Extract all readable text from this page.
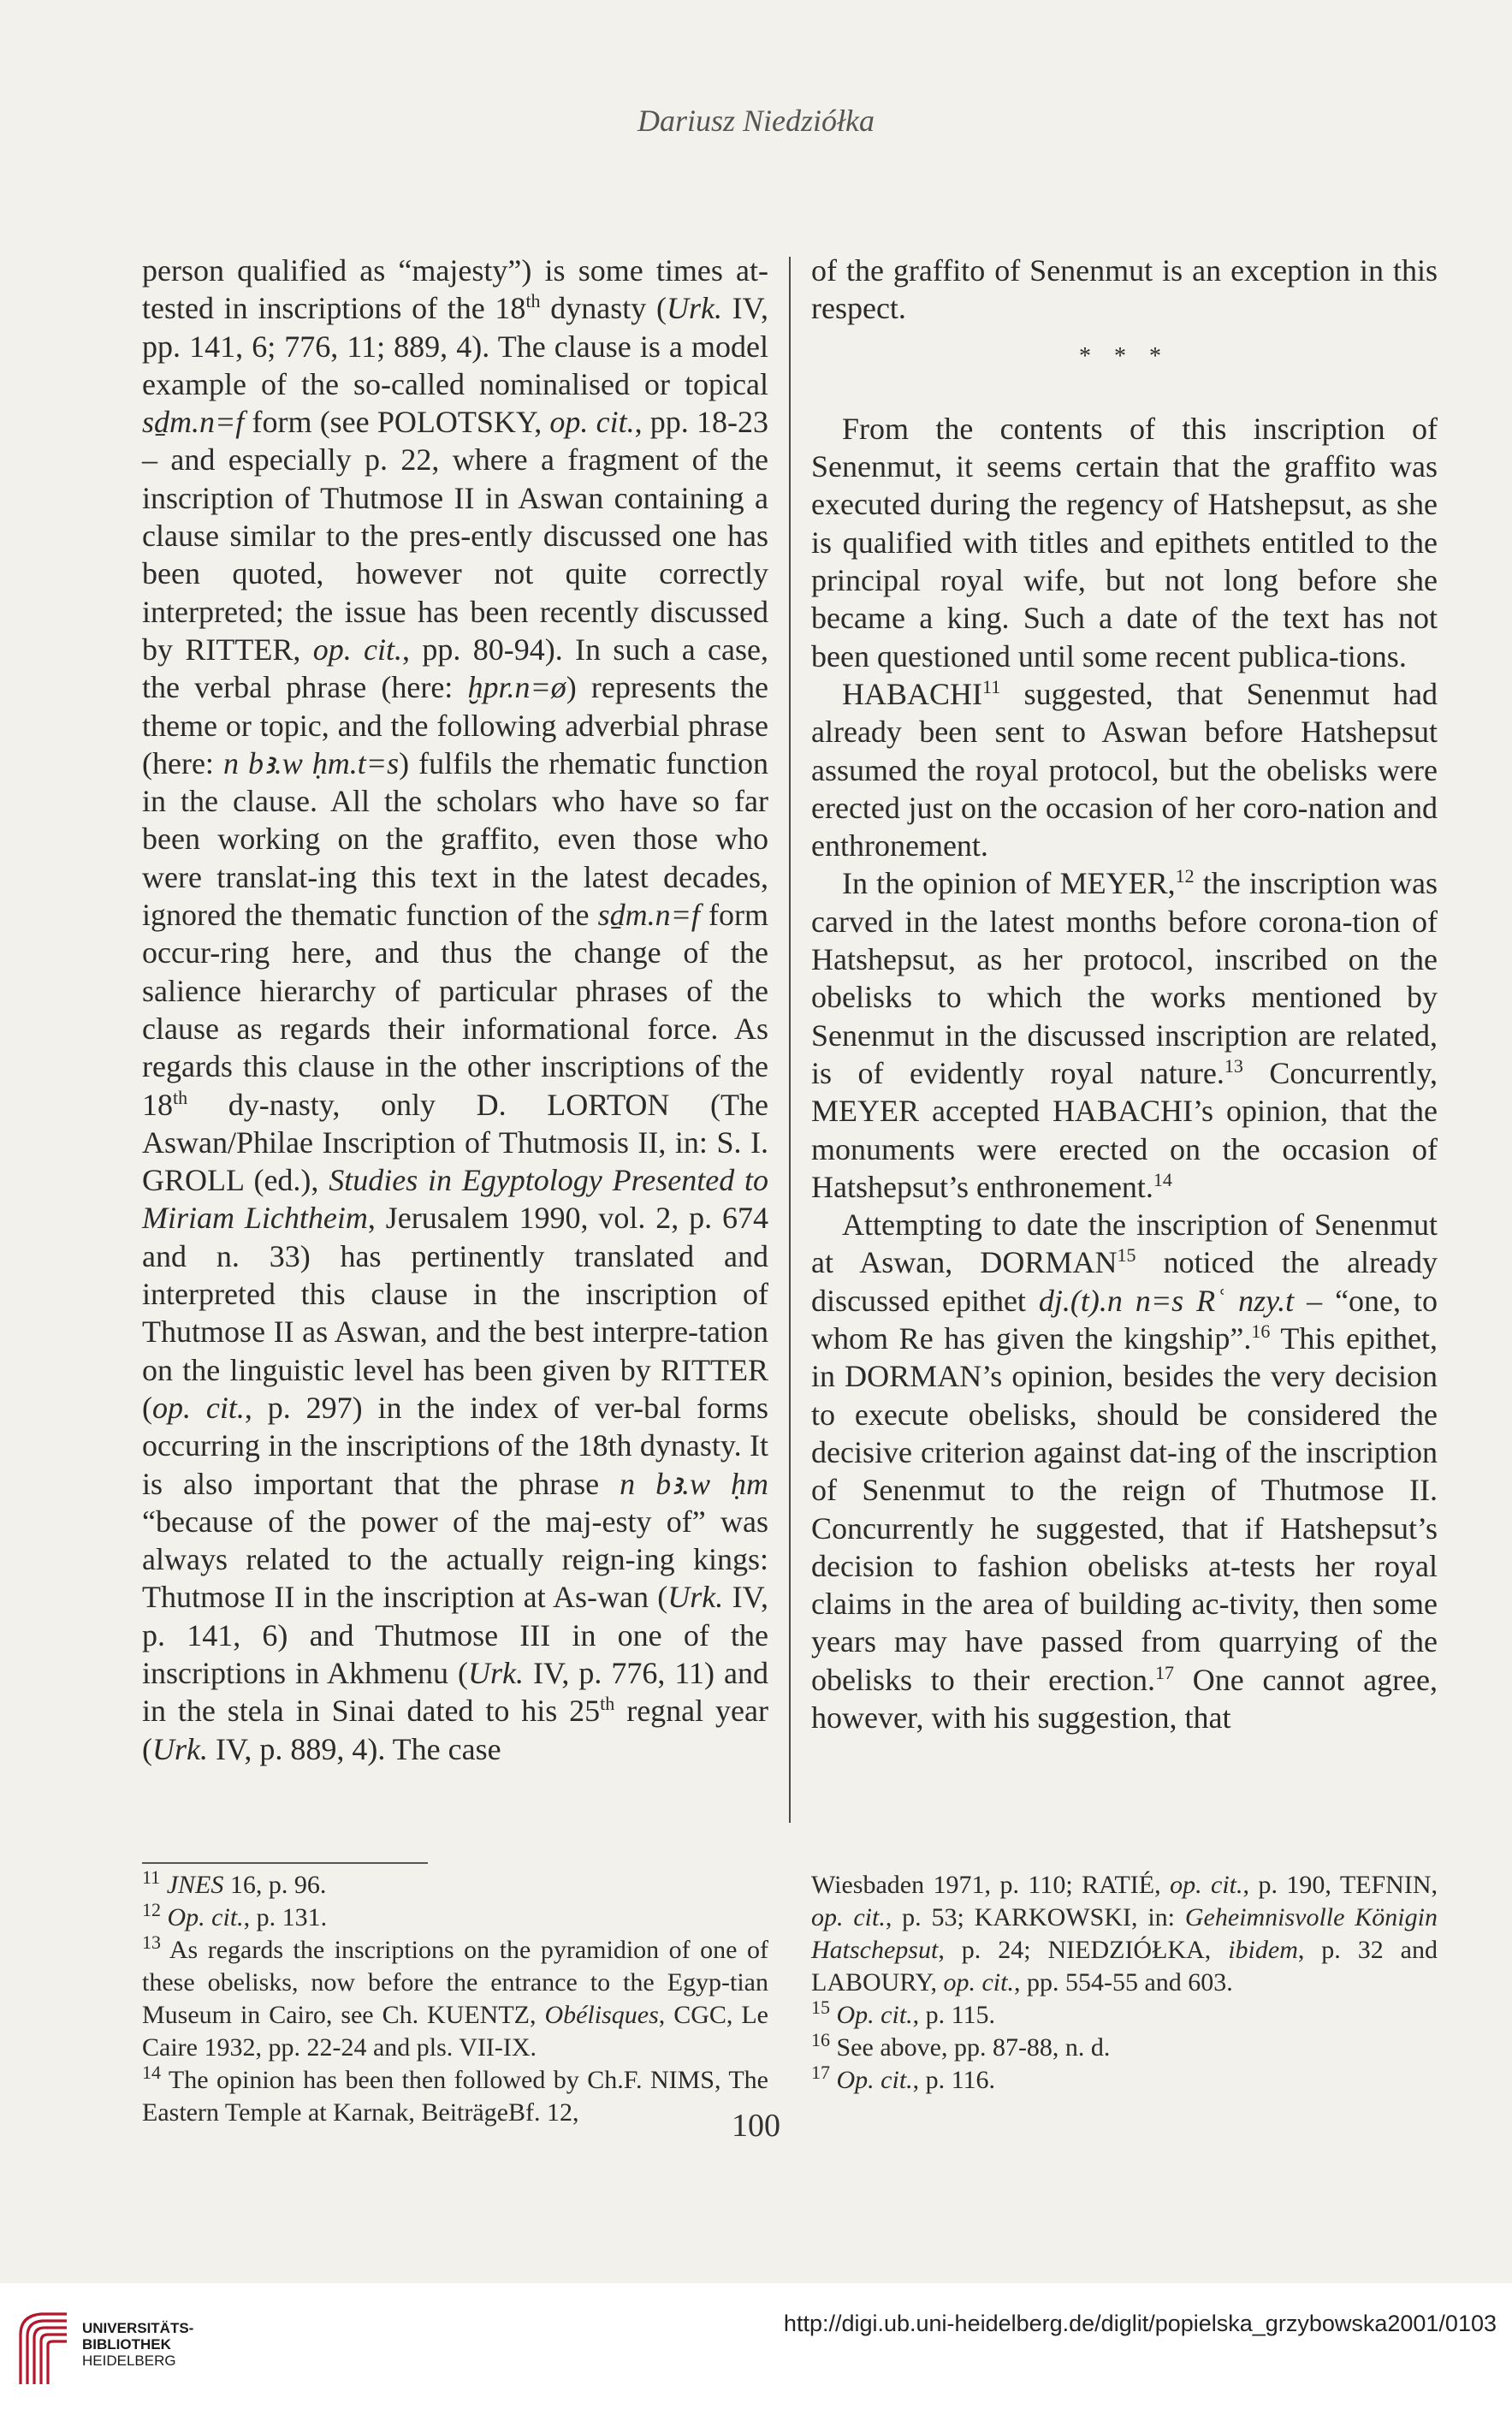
Dariusz Niedziółka

person qualified as “majesty”) is some times at-tested in inscriptions of the 18th dynasty (Urk. IV, pp. 141, 6; 776, 11; 889, 4). The clause is a model example of the so-called nominalised or topical sḏm.n=f form (see POLOTSKY, op. cit., pp. 18-23 – and especially p. 22, where a fragment of the inscription of Thutmose II in Aswan containing a clause similar to the pres-ently discussed one has been quoted, however not quite correctly interpreted; the issue has been recently discussed by RITTER, op. cit., pp. 80-94). In such a case, the verbal phrase (here: ḫpr.n=ø) represents the theme or topic, and the following adverbial phrase (here: n bꜣ.w ḥm.t=s) fulfils the rhematic function in the clause. All the scholars who have so far been working on the graffito, even those who were translat-ing this text in the latest decades, ignored the thematic function of the sḏm.n=f form occur-ring here, and thus the change of the salience hierarchy of particular phrases of the clause as regards their informational force. As regards this clause in the other inscriptions of the 18th dy-nasty, only D. LORTON (The Aswan/Philae Inscription of Thutmosis II, in: S. I. GROLL (ed.), Studies in Egyptology Presented to Miriam Lichtheim, Jerusalem 1990, vol. 2, p. 674 and n. 33) has pertinently translated and interpreted this clause in the inscription of Thutmose II as Aswan, and the best interpre-tation on the linguistic level has been given by RITTER (op. cit., p. 297) in the index of ver-bal forms occurring in the inscriptions of the 18th dynasty. It is also important that the phrase n bꜣ.w ḥm “because of the power of the maj-esty of” was always related to the actually reign-ing kings: Thutmose II in the inscription at As-wan (Urk. IV, p. 141, 6) and Thutmose III in one of the inscriptions in Akhmenu (Urk. IV, p. 776, 11) and in the stela in Sinai dated to his 25th regnal year (Urk. IV, p. 889, 4). The case

of the graffito of Senenmut is an exception in this respect.

* * *

From the contents of this inscription of Senenmut, it seems certain that the graffito was executed during the regency of Hatshepsut, as she is qualified with titles and epithets entitled to the principal royal wife, but not long before she became a king. Such a date of the text has not been questioned until some recent publica-tions.

HABACHI$^{11}$ suggested, that Senenmut had already been sent to Aswan before Hatshepsut assumed the royal protocol, but the obelisks were erected just on the occasion of her coro-nation and enthronement.

In the opinion of MEYER,$^{12}$ the inscription was carved in the latest months before corona-tion of Hatshepsut, as her protocol, inscribed on the obelisks to which the works mentioned by Senenmut in the discussed inscription are related, is of evidently royal nature.$^{13}$ Concurrently, MEYER accepted HABACHI’s opinion, that the monuments were erected on the occasion of Hatshepsut’s enthronement.$^{14}$

Attempting to date the inscription of Senenmut at Aswan, DORMAN$^{15}$ noticed the already discussed epithet dj.(t).n n=s Rʿ nzy.t – “one, to whom Re has given the kingship”.$^{16}$ This epithet, in DORMAN’s opinion, besides the very decision to execute obelisks, should be considered the decisive criterion against dat-ing of the inscription of Senenmut to the reign of Thutmose II. Concurrently he suggested, that if Hatshepsut’s decision to fashion obelisks at-tests her royal claims in the area of building ac-tivity, then some years may have passed from quarrying of the obelisks to their erection.$^{17}$ One cannot agree, however, with his suggestion, that

$^{11}$ JNES 16, p. 96.

$^{12}$ Op. cit., p. 131.

$^{13}$ As regards the inscriptions on the pyramidion of one of these obelisks, now before the entrance to the Egyp-tian Museum in Cairo, see Ch. KUENTZ, Obélisques, CGC, Le Caire 1932, pp. 22-24 and pls. VII-IX.

$^{14}$ The opinion has been then followed by Ch.F. NIMS, The Eastern Temple at Karnak, BeiträgeBf. 12,

Wiesbaden 1971, p. 110; RATIÉ, op. cit., p. 190, TEFNIN, op. cit., p. 53; KARKOWSKI, in: Geheimnisvolle Königin Hatschepsut, p. 24; NIEDZIÓŁKA, ibidem, p. 32 and LABOURY, op. cit., pp. 554-55 and 603.

$^{15}$ Op. cit., p. 115.

$^{16}$ See above, pp. 87-88, n. d.

$^{17}$ Op. cit., p. 116.

100
UNIVERSITÄTS-
BIBLIOTHEK
HEIDELBERG
http://digi.ub.uni-heidelberg.de/diglit/popielska_grzybowska2001/0103
